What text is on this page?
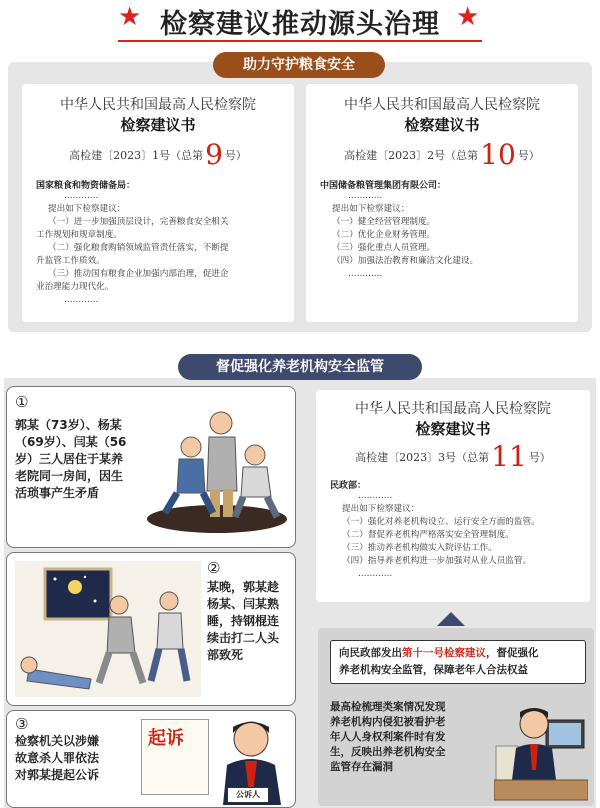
★ 检察建议推动源头治理 ★
助力守护粮食安全
中华人民共和国最高人民检察院
检察建议书
高检建〔2023〕1号（总第9 号）
国家粮食和物资储备局：
…………
提出如下检察建议：
（一）进一步加强顶层设计，完善粮食安全相关
工作规划和规章制度。
（二）强化粮食购销领域监管责任落实，不断提
升监管工作质效。
（三）推动国有粮食企业加强内部治理，促进企
业治理能力现代化。
…………
中华人民共和国最高人民检察院
检察建议书
高检建〔2023〕2号（总第10 号）
中国储备粮管理集团有限公司：
…………
提出如下检察建议：
（一）健全经营管理制度。
（二）优化企业财务管理。
（三）强化重点人员管理。
（四）加强法治教育和廉洁文化建设。
…………
督促强化养老机构安全监管
①
郭某（73岁）、杨某
（69岁）、闫某（56
岁）三人居住于某养
老院同一房间，因生
活琐事产生矛盾
②
某晚，郭某趁
杨某、闫某熟
睡，持钢棍连
续击打二人头
部致死
③
检察机关以涉嫌
故意杀人罪依法
对郭某提起公诉
起诉
公诉人
中华人民共和国最高人民检察院
检察建议书
高检建〔2023〕3号（总第11 号）
民政部：
…………
提出如下检察建议：
（一）强化对养老机构设立、运行安全方面的监管。
（二）督促养老机构严格落实安全管理制度。
（三）推动养老机构做实入院评估工作。
（四）指导养老机构进一步加强对从业人员监管。
…………
向民政部发出第十一号检察建议，督促强化
养老机构安全监管，保障老年人合法权益
最高检梳理类案情况发现
养老机构内侵犯被看护老
年人人身权利案件时有发
生，反映出养老机构安全
监管存在漏洞
